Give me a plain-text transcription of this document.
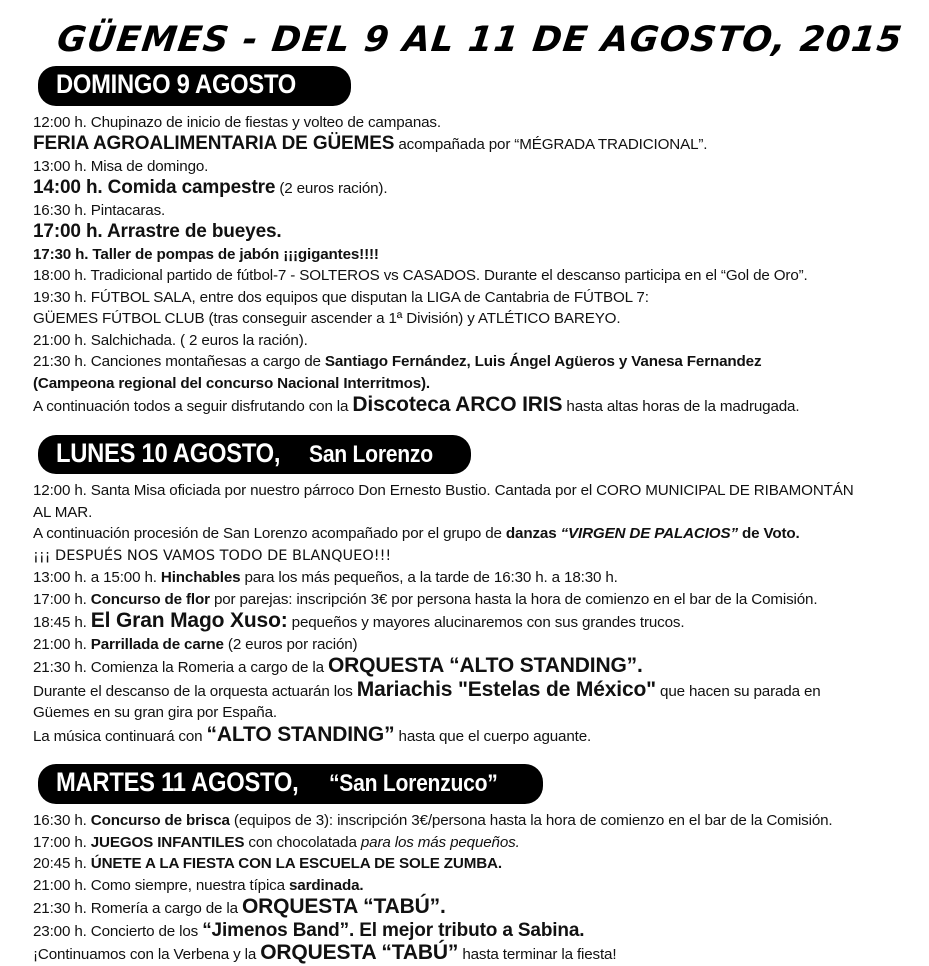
GÜEMES - DEL 9 AL 11 DE AGOSTO, 2015
DOMINGO 9 AGOSTO
12:00 h. Chupinazo de inicio de fiestas y volteo de campanas.
FERIA AGROALIMENTARIA DE GÜEMES acompañada por “MÉGRADA TRADICIONAL”.
13:00 h. Misa de domingo.
14:00 h. Comida campestre (2 euros ración).
16:30 h. Pintacaras.
17:00 h. Arrastre de bueyes.
17:30 h. Taller de pompas de jabón ¡¡¡gigantes!!!!
18:00 h. Tradicional partido de fútbol-7 - SOLTEROS vs CASADOS. Durante el descanso participa en el “Gol de Oro”.
19:30 h. FÚTBOL SALA, entre dos equipos que disputan la LIGA de Cantabria de FÚTBOL 7:
GÜEMES FÚTBOL CLUB (tras conseguir ascender a 1ª División) y ATLÉTICO BAREYO.
21:00 h. Salchichada. ( 2 euros la ración).
21:30 h. Canciones montañesas a cargo de Santiago Fernández, Luis Ángel Agüeros y Vanesa Fernandez
(Campeona regional del concurso Nacional Interritmos).
A continuación todos a seguir disfrutando con la Discoteca ARCO IRIS hasta altas horas de la madrugada.
LUNES 10 AGOSTO,San Lorenzo
12:00 h. Santa Misa oficiada por nuestro párroco Don Ernesto Bustio. Cantada por el CORO MUNICIPAL DE RIBAMONTÁN
AL MAR.
A continuación procesión de San Lorenzo acompañado por el grupo de danzas “VIRGEN DE PALACIOS” de Voto.
¡¡¡ DESPUÉS NOS VAMOS TODO DE BLANQUEO!!!
13:00 h. a 15:00 h. Hinchables para los más pequeños, a la tarde de 16:30 h. a 18:30 h.
17:00 h. Concurso de flor por parejas: inscripción 3€ por persona hasta la hora de comienzo en el bar de la Comisión.
18:45 h. El Gran Mago Xuso: pequeños y mayores alucinaremos con sus grandes trucos.
21:00 h. Parrillada de carne (2 euros por ración)
21:30 h. Comienza la Romeria a cargo de la ORQUESTA “ALTO STANDING”.
Durante el descanso de la orquesta actuarán los Mariachis "Estelas de México" que hacen su parada en
Güemes en su gran gira por España.
La música continuará con “ALTO STANDING” hasta que el cuerpo aguante.
MARTES 11 AGOSTO,“San Lorenzuco”
16:30 h. Concurso de brisca (equipos de 3): inscripción 3€/persona hasta la hora de comienzo en el bar de la Comisión.
17:00 h. JUEGOS INFANTILES con chocolatada para los más pequeños.
20:45 h. ÚNETE A LA FIESTA CON LA ESCUELA DE SOLE ZUMBA.
21:00 h. Como siempre, nuestra típica sardinada.
21:30 h. Romería a cargo de la ORQUESTA “TABÚ”.
23:00 h. Concierto de los “Jimenos Band”. El mejor tributo a Sabina.
¡Continuamos con la Verbena y la ORQUESTA “TABÚ” hasta terminar la fiesta!
